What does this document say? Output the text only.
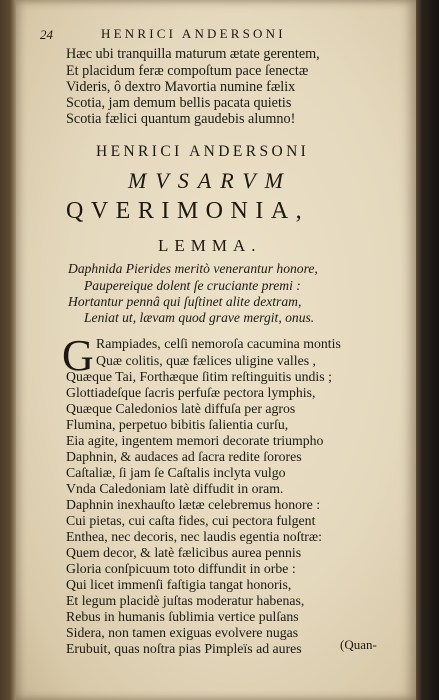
24	HENRICI ANDERSONI
Hæc ubi tranquilla maturum ætate gerentem,
Et placidum feræ compoſtum pace ſenectæ
Videris, ô dextro Mavortia numine fælix
Scotia, jam demum bellis pacata quietis
Scotia fælici quantum gaudebis alumno!
HENRICI ANDERSONI
MVSARVM
QVERIMONIA,
LEMMA.
Daphnida Pierides meritò venerantur honore,
Paupereique dolent ſe cruciante premi :
Hortantur pennâ qui ſuſtinet alite dextram,
Leniat ut, lævam quod grave mergit, onus.
G Rampiades, celſi nemoroſa cacumina montis
Quæ colitis, quæ fælices uligine valles ,
Quæque Tai, Forthæque ſitim reſtinguitis undis ;
Glottiadeſque ſacris perfuſæ pectora lymphis,
Quæque Caledonios latè diffuſa per agros
Flumina, perpetuo bibitis ſalientia curſu,
Eia agite, ingentem memori decorate triumpho
Daphnin, & audaces ad ſacra redite ſorores
Caſtaliæ, ſi jam ſe Caſtalis inclyta vulgo
Vnda Caledoniam latè diffudit in oram.
Daphnin inexhauſto lætæ celebremus honore :
Cui pietas, cui caſta fides, cui pectora fulgent
Enthea, nec decoris, nec laudis egentia noſtræ:
Quem decor, & latè fælicibus aurea pennis
Gloria conſpicuum toto diffundit in orbe :
Qui licet immenſi faſtigia tangat honoris,
Et legum placidè juſtas moderatur habenas,
Rebus in humanis ſublimia vertice pulſans
Sidera, non tamen exiguas evolvere nugas
Erubuit, quas noſtra pias Pimpleïs ad aures	(Quan-
